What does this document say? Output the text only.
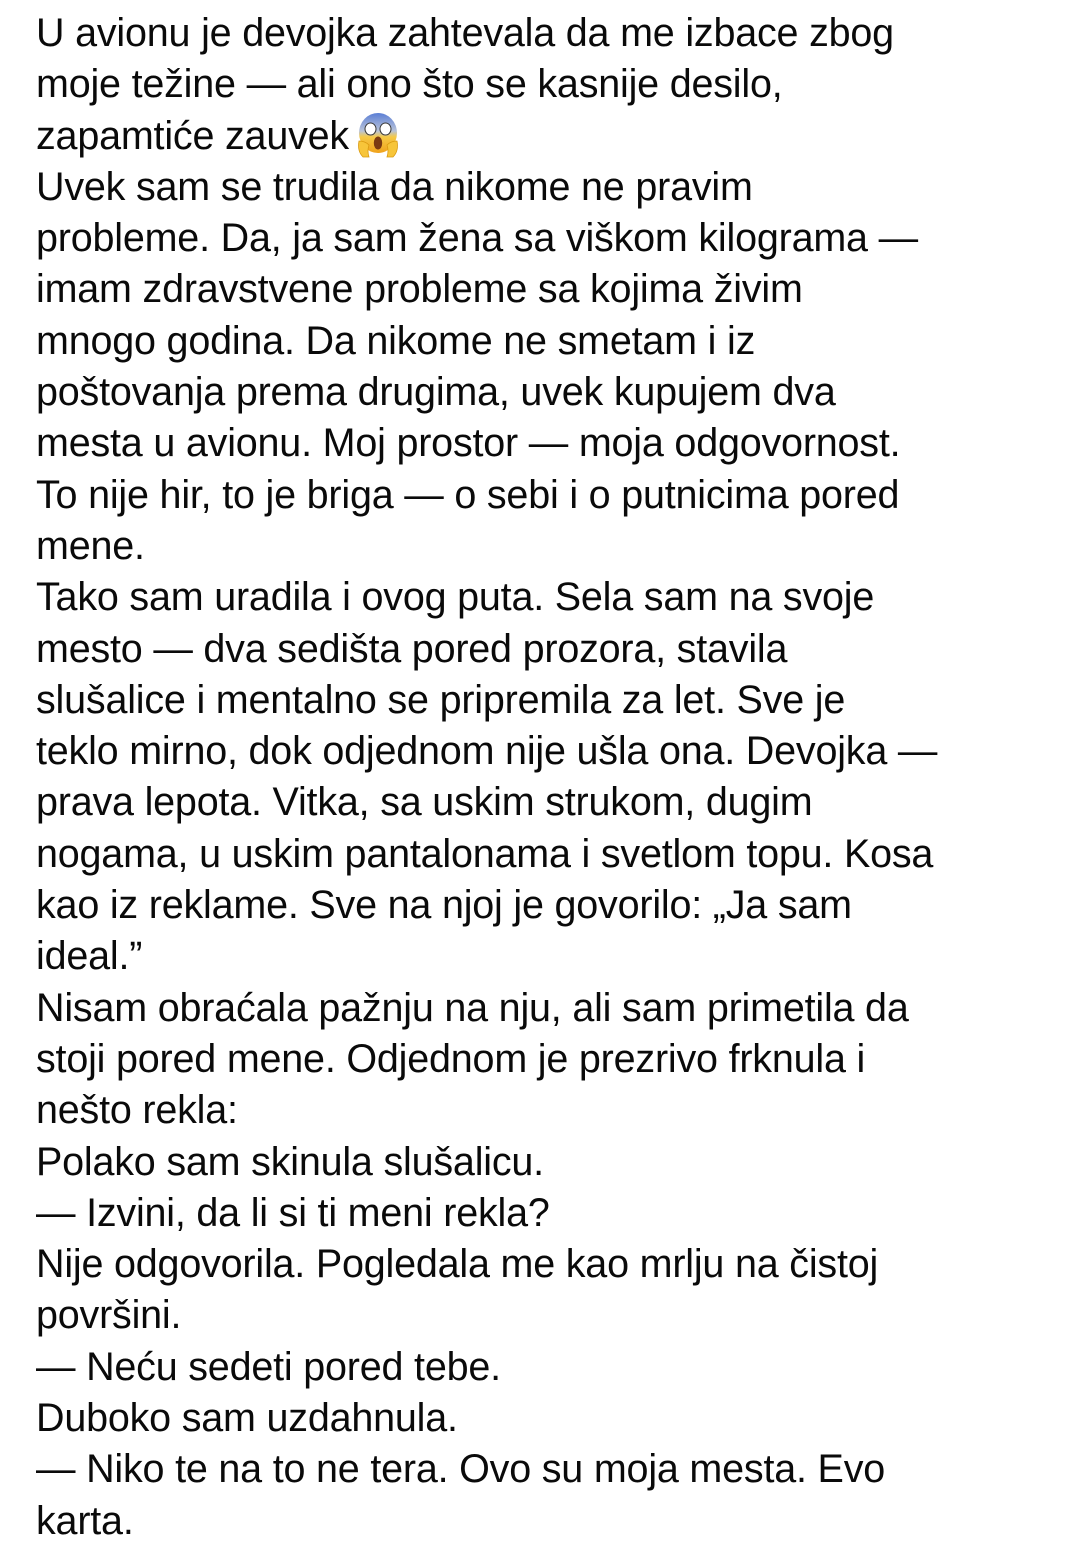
U avionu je devojka zahtevala da me izbace zbog
moje težine — ali ono što se kasnije desilo,
zapamtiće zauvek
Uvek sam se trudila da nikome ne pravim
probleme. Da, ja sam žena sa viškom kilograma —
imam zdravstvene probleme sa kojima živim
mnogo godina. Da nikome ne smetam i iz
poštovanja prema drugima, uvek kupujem dva
mesta u avionu. Moj prostor — moja odgovornost.
To nije hir, to je briga — o sebi i o putnicima pored
mene.
Tako sam uradila i ovog puta. Sela sam na svoje
mesto — dva sedišta pored prozora, stavila
slušalice i mentalno se pripremila za let. Sve je
teklo mirno, dok odjednom nije ušla ona. Devojka —
prava lepota. Vitka, sa uskim strukom, dugim
nogama, u uskim pantalonama i svetlom topu. Kosa
kao iz reklame. Sve na njoj je govorilo: „Ja sam
ideal.”
Nisam obraćala pažnju na nju, ali sam primetila da
stoji pored mene. Odjednom je prezrivo frknula i
nešto rekla:
Polako sam skinula slušalicu.
— Izvini, da li si ti meni rekla?
Nije odgovorila. Pogledala me kao mrlju na čistoj
površini.
— Neću sedeti pored tebe.
Duboko sam uzdahnula.
— Niko te na to ne tera. Ovo su moja mesta. Evo
karta.
